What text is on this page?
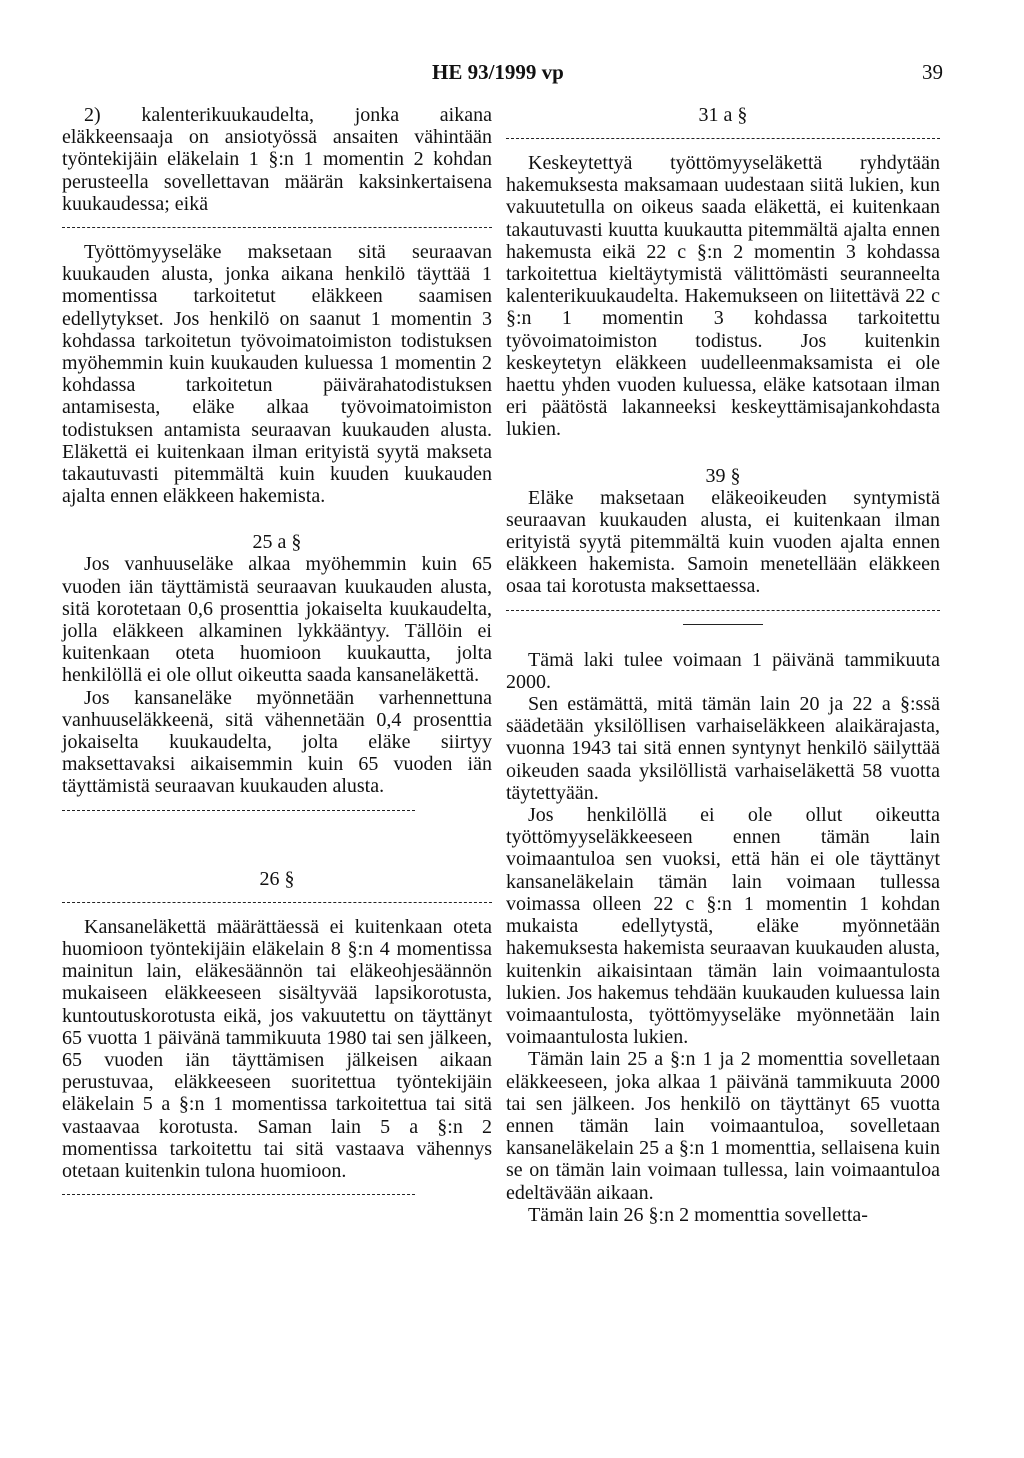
HE 93/1999 vp	39

2) kalenterikuukaudelta, jonka aikana eläkkeensaaja on ansiotyössä ansaiten vähintään työntekijäin eläkelain 1 §:n 1 momentin 2 kohdan perusteella sovellettavan määrän kaksinkertaisena kuukaudessa; eikä

Työttömyyseläke maksetaan sitä seuraavan kuukauden alusta, jonka aikana henkilö täyttää 1 momentissa tarkoitetut eläkkeen saamisen edellytykset. Jos henkilö on saanut 1 momentin 3 kohdassa tarkoitetun työvoimatoimiston todistuksen myöhemmin kuin kuukauden kuluessa 1 momentin 2 kohdassa tarkoitetun päivärahatodistuksen antamisesta, eläke alkaa työvoimatoimiston todistuksen antamista seuraavan kuukauden alusta. Eläkettä ei kuitenkaan ilman erityistä syytä makseta takautuvasti pitemmältä kuin kuuden kuukauden ajalta ennen eläkkeen hakemista.

25 a §

Jos vanhuuseläke alkaa myöhemmin kuin 65 vuoden iän täyttämistä seuraavan kuukauden alusta, sitä korotetaan 0,6 prosenttia jokaiselta kuukaudelta, jolla eläkkeen alkaminen lykkääntyy. Tällöin ei kuitenkaan oteta huomioon kuukautta, jolta henkilöllä ei ole ollut oikeutta saada kansaneläkettä.

Jos kansaneläke myönnetään varhennettuna vanhuuseläkkeenä, sitä vähennetään 0,4 prosenttia jokaiselta kuukaudelta, jolta eläke siirtyy maksettavaksi aikaisemmin kuin 65 vuoden iän täyttämistä seuraavan kuukauden alusta.

26 §

Kansaneläkettä määrättäessä ei kuitenkaan oteta huomioon työntekijäin eläkelain 8 §:n 4 momentissa mainitun lain, eläkesäännön tai eläkeohjesäännön mukaiseen eläkkeeseen sisältyvää lapsikorotusta, kuntoutuskorotusta eikä, jos vakuutettu on täyttänyt 65 vuotta 1 päivänä tammikuuta 1980 tai sen jälkeen, 65 vuoden iän täyttämisen jälkeisen aikaan perustuvaa, eläkkeeseen suoritettua työntekijäin eläkelain 5 a §:n 1 momentissa tarkoitettua tai sitä vastaavaa korotusta. Saman lain 5 a §:n 2 momentissa tarkoitettu tai sitä vastaava vähennys otetaan kuitenkin tulona huomioon.

31 a §

Keskeytettyä työttömyyseläkettä ryhdytään hakemuksesta maksamaan uudestaan siitä lukien, kun vakuutetulla on oikeus saada eläkettä, ei kuitenkaan takautuvasti kuutta kuukautta pitemmältä ajalta ennen hakemusta eikä 22 c §:n 2 momentin 3 kohdassa tarkoitettua kieltäytymistä välittömästi seuranneelta kalenterikuukaudelta. Hakemukseen on liitettävä 22 c §:n 1 momentin 3 kohdassa tarkoitettu työvoimatoimiston todistus. Jos kuitenkin keskeytetyn eläkkeen uudelleenmaksamista ei ole haettu yhden vuoden kuluessa, eläke katsotaan ilman eri päätöstä lakanneeksi keskeyttämisajankohdasta lukien.

39 §

Eläke maksetaan eläkeoikeuden syntymistä seuraavan kuukauden alusta, ei kuitenkaan ilman erityistä syytä pitemmältä kuin vuoden ajalta ennen eläkkeen hakemista. Samoin menetellään eläkkeen osaa tai korotusta maksettaessa.

Tämä laki tulee voimaan 1 päivänä tammikuuta 2000.

Sen estämättä, mitä tämän lain 20 ja 22 a §:ssä säädetään yksilöllisen varhaiseläkkeen alaikärajasta, vuonna 1943 tai sitä ennen syntynyt henkilö säilyttää oikeuden saada yksilöllistä varhaiseläkettä 58 vuotta täytettyään.

Jos henkilöllä ei ole ollut oikeutta työttömyyseläkkeeseen ennen tämän lain voimaantuloa sen vuoksi, että hän ei ole täyttänyt kansaneläkelain tämän lain voimaan tullessa voimassa olleen 22 c §:n 1 momentin 1 kohdan mukaista edellytystä, eläke myönnetään hakemuksesta hakemista seuraavan kuukauden alusta, kuitenkin aikaisintaan tämän lain voimaantulosta lukien. Jos hakemus tehdään kuukauden kuluessa lain voimaantulosta, työttömyyseläke myönnetään lain voimaantulosta lukien.

Tämän lain 25 a §:n 1 ja 2 momenttia sovelletaan eläkkeeseen, joka alkaa 1 päivänä tammikuuta 2000 tai sen jälkeen. Jos henkilö on täyttänyt 65 vuotta ennen tämän lain voimaantuloa, sovelletaan kansaneläkelain 25 a §:n 1 momenttia, sellaisena kuin se on tämän lain voimaan tullessa, lain voimaantuloa edeltävään aikaan.

Tämän lain 26 §:n 2 momenttia sovelletta-
